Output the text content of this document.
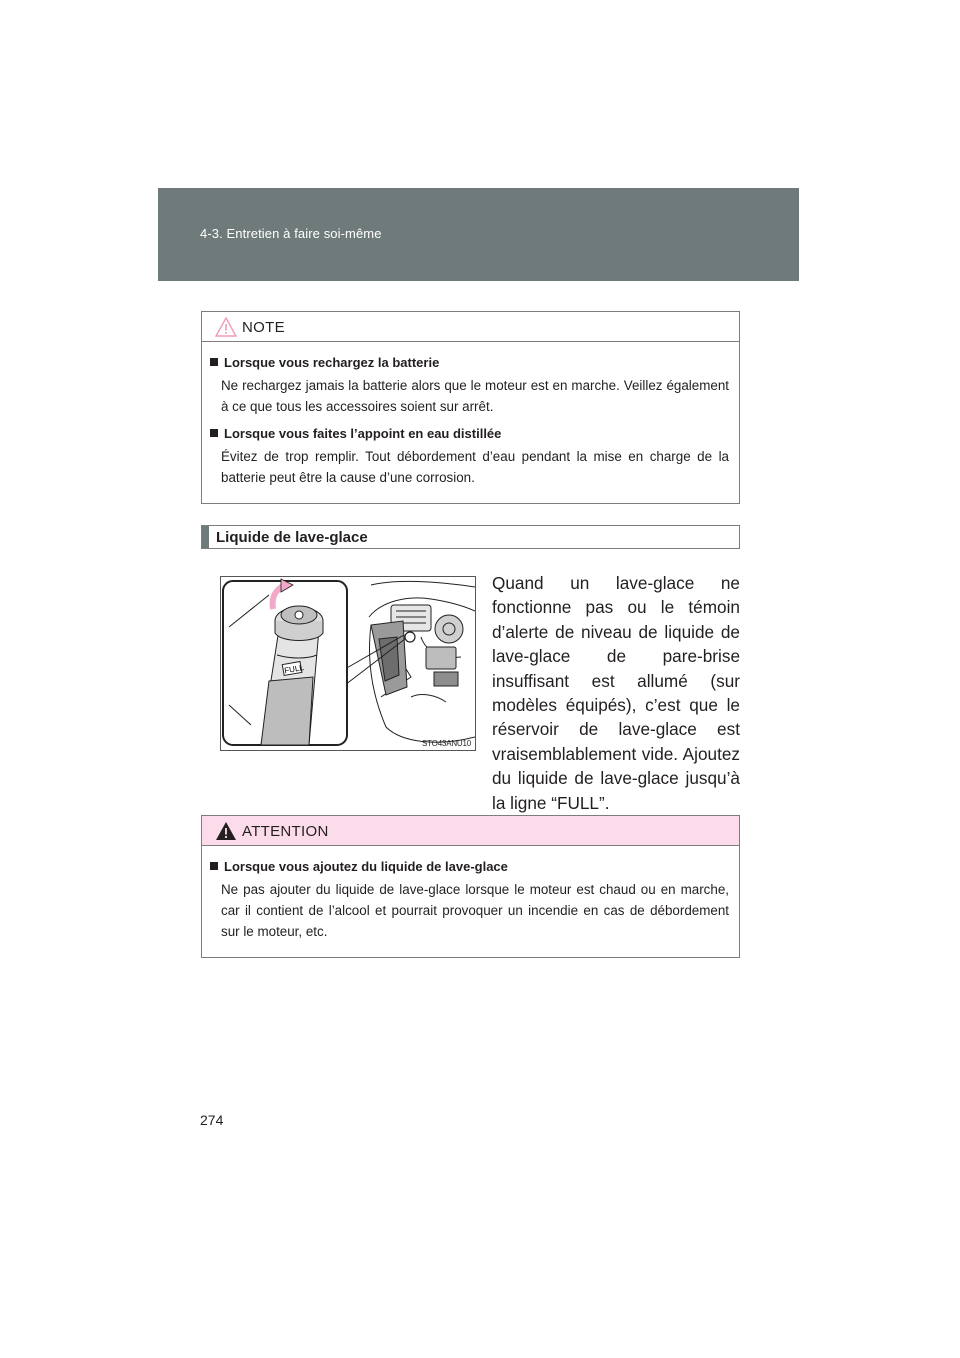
4-3. Entretien à faire soi-même
NOTE
Lorsque vous rechargez la batterie
Ne rechargez jamais la batterie alors que le moteur est en marche. Veillez également à ce que tous les accessoires soient sur arrêt.
Lorsque vous faites l’appoint en eau distillée
Évitez de trop remplir. Tout débordement d’eau pendant la mise en charge de la batterie peut être la cause d’une corrosion.
Liquide de lave-glace
FULL
STO43ANU10
Quand un lave-glace ne fonctionne pas ou le témoin d’alerte de niveau de liquide de lave-glace de pare-brise insuffisant est allumé (sur modèles équipés), c’est que le réservoir de lave-glace est vraisemblablement vide. Ajoutez du liquide de lave-glace jusqu’à la ligne “FULL”.
ATTENTION
Lorsque vous ajoutez du liquide de lave-glace
Ne pas ajouter du liquide de lave-glace lorsque le moteur est chaud ou en marche, car il contient de l’alcool et pourrait provoquer un incendie en cas de débordement sur le moteur, etc.
274
